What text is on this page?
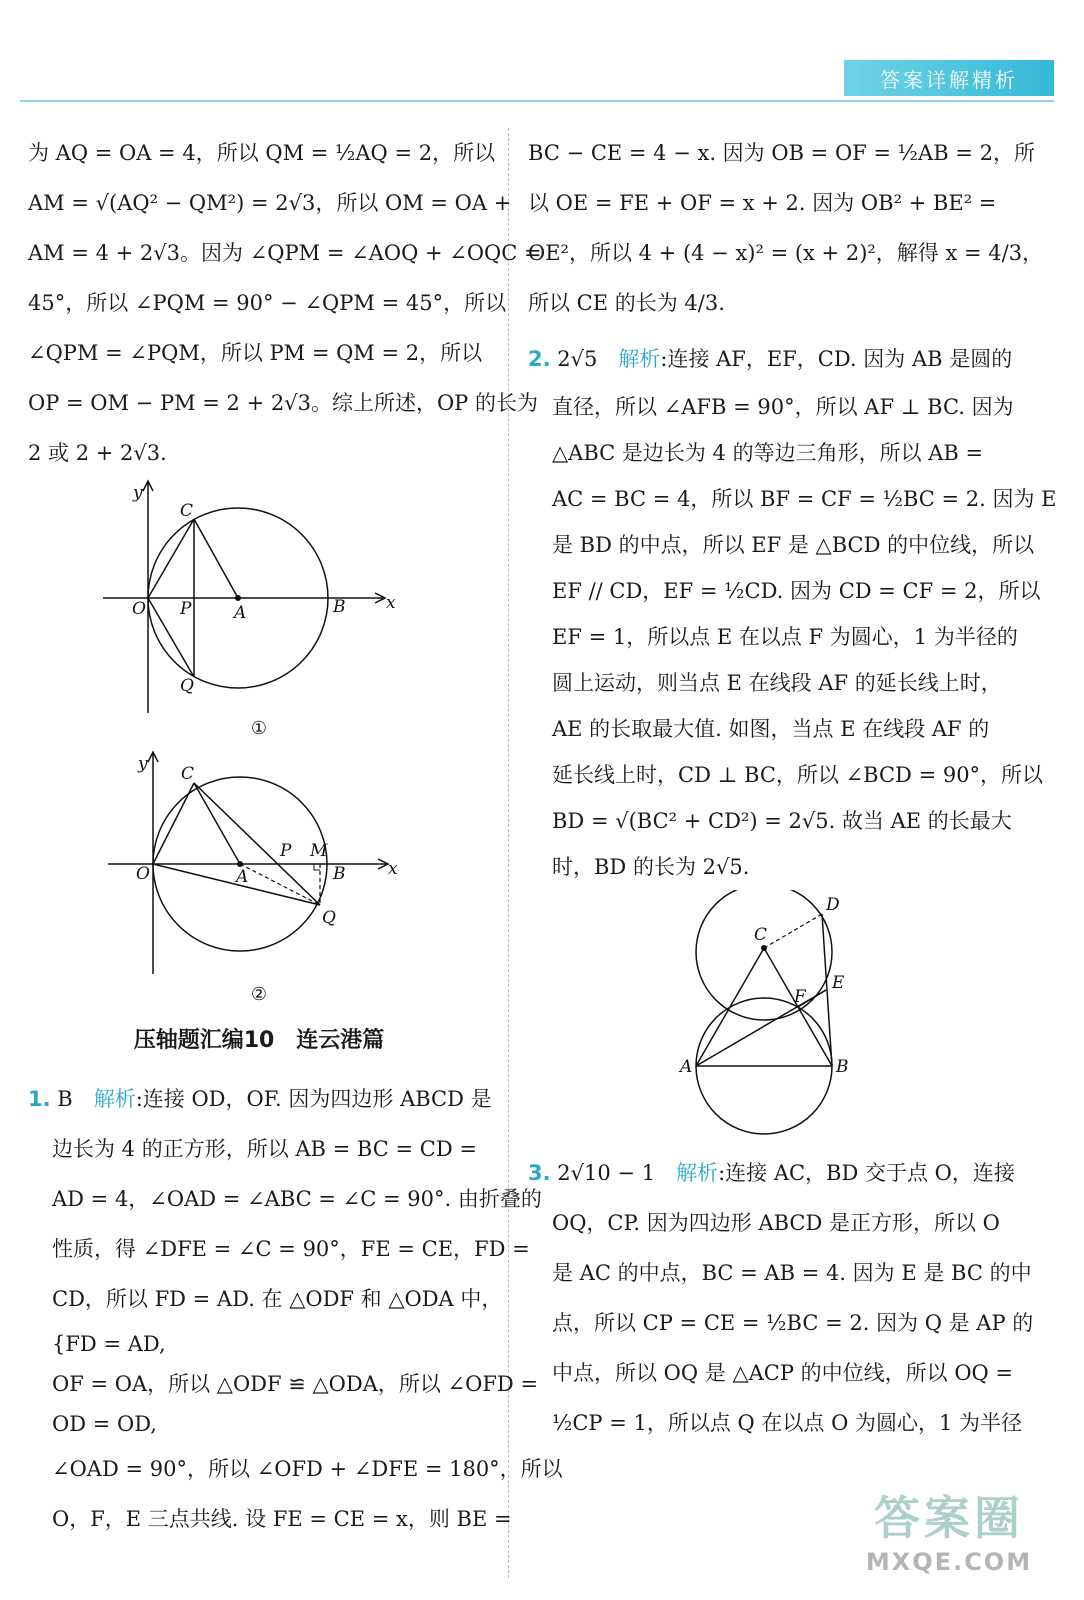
答案详解精析
为 AQ = OA = 4，所以 QM = ½AQ = 2，所以
AM = √(AQ² − QM²) = 2√3，所以 OM = OA +
AM = 4 + 2√3。因为 ∠QPM = ∠AOQ + ∠OQC =
45°，所以 ∠PQM = 90° − ∠QPM = 45°，所以
∠QPM = ∠PQM，所以 PM = QM = 2，所以
OP = OM − PM = 2 + 2√3。综上所述，OP 的长为
2 或 2 + 2√3.
y
x
O P	A	B
C
Q
①
y
x
O	A
P M
B
C
Q
②
压轴题汇编10　连云港篇
1. B　 解析:连接 OD，OF. 因为四边形 ABCD 是
边长为 4 的正方形，所以 AB = BC = CD =
AD = 4，∠OAD = ∠ABC = ∠C = 90°. 由折叠的
性质，得 ∠DFE = ∠C = 90°，FE = CE，FD =
CD，所以 FD = AD. 在 △ODF 和 △ODA 中，
{FD = AD,
OF = OA，所以 △ODF ≌ △ODA，所以 ∠OFD =
OD = OD,
∠OAD = 90°，所以 ∠OFD + ∠DFE = 180°，所以
O，F，E 三点共线. 设 FE = CE = x，则 BE =
BC − CE = 4 − x. 因为 OB = OF = ½AB = 2，所
以 OE = FE + OF = x + 2. 因为 OB² + BE² =
OE²，所以 4 + (4 − x)² = (x + 2)²，解得 x = 4/3，
所以 CE 的长为 4/3.
2. 2√5　 解析:连接 AF，EF，CD. 因为 AB 是圆的
直径，所以 ∠AFB = 90°，所以 AF ⊥ BC. 因为
△ABC 是边长为 4 的等边三角形，所以 AB =
AC = BC = 4，所以 BF = CF = ½BC = 2. 因为 E
是 BD 的中点，所以 EF 是 △BCD 的中位线，所以
EF // CD，EF = ½CD. 因为 CD = CF = 2，所以
EF = 1，所以点 E 在以点 F 为圆心，1 为半径的
圆上运动，则当点 E 在线段 AF 的延长线上时，
AE 的长取最大值. 如图，当点 E 在线段 AF 的
延长线上时，CD ⊥ BC，所以 ∠BCD = 90°，所以
BD = √(BC² + CD²) = 2√5. 故当 AE 的长最大
时，BD 的长为 2√5.
C
D
E
F
A	B
3. 2√10 − 1　 解析:连接 AC，BD 交于点 O，连接
OQ，CP. 因为四边形 ABCD 是正方形，所以 O
是 AC 的中点，BC = AB = 4. 因为 E 是 BC 的中
点，所以 CP = CE = ½BC = 2. 因为 Q 是 AP 的
中点，所以 OQ 是 △ACP 的中位线，所以 OQ =
½CP = 1，所以点 Q 在以点 O 为圆心，1 为半径
答案圈
MXQE.COM
